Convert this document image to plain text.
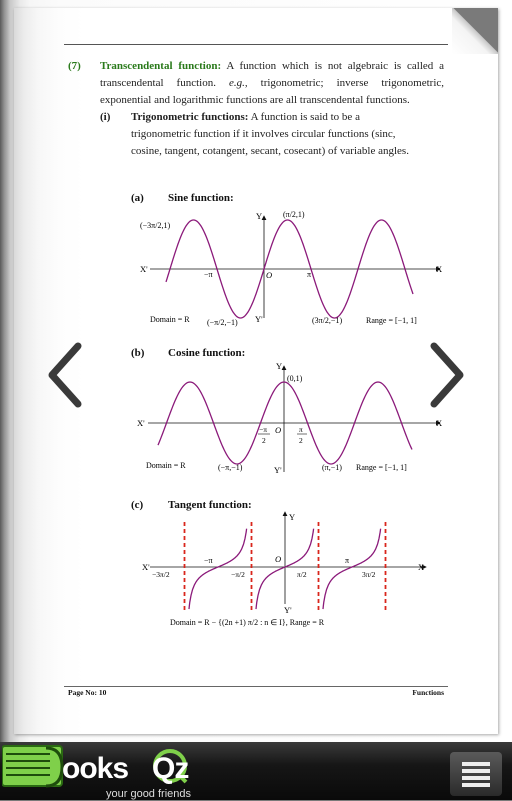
(7) Transcendental function: A function which is not algebraic is called a
transcendental function. e.g., trigonometric; inverse trigonometric,
exponential and logarithmic functions are all transcendental functions.
(i) Trigonometric functions: A function is said to be a
trigonometric function if it involves circular functions (sinc,
cosine, tangent, cotangent, secant, cosecant) of variable angles.
(a) Sine function:
(b) Cosine function:
(c) Tangent function:
X'	X
Y
Y'
O
(π/2,1)
(−3π/2,1)
(−π/2,−1)	(3π/2,−1)
−π	π
Domain = R	Range = [−1, 1]
X'	X
Y
Y'
O
(0,1)
−π
2
π
2
(−π,−1)	(π,−1)
Domain = R	Range = [−1, 1]
X'	X
Y
Y'
O
−π	π
−3π/2	−π/2	π/2	3π/2
Domain = R − {(2n +1) π/2 : n ∈ I}, Range = R
Page No: 10	Functions
ooks Qz
your good friends
